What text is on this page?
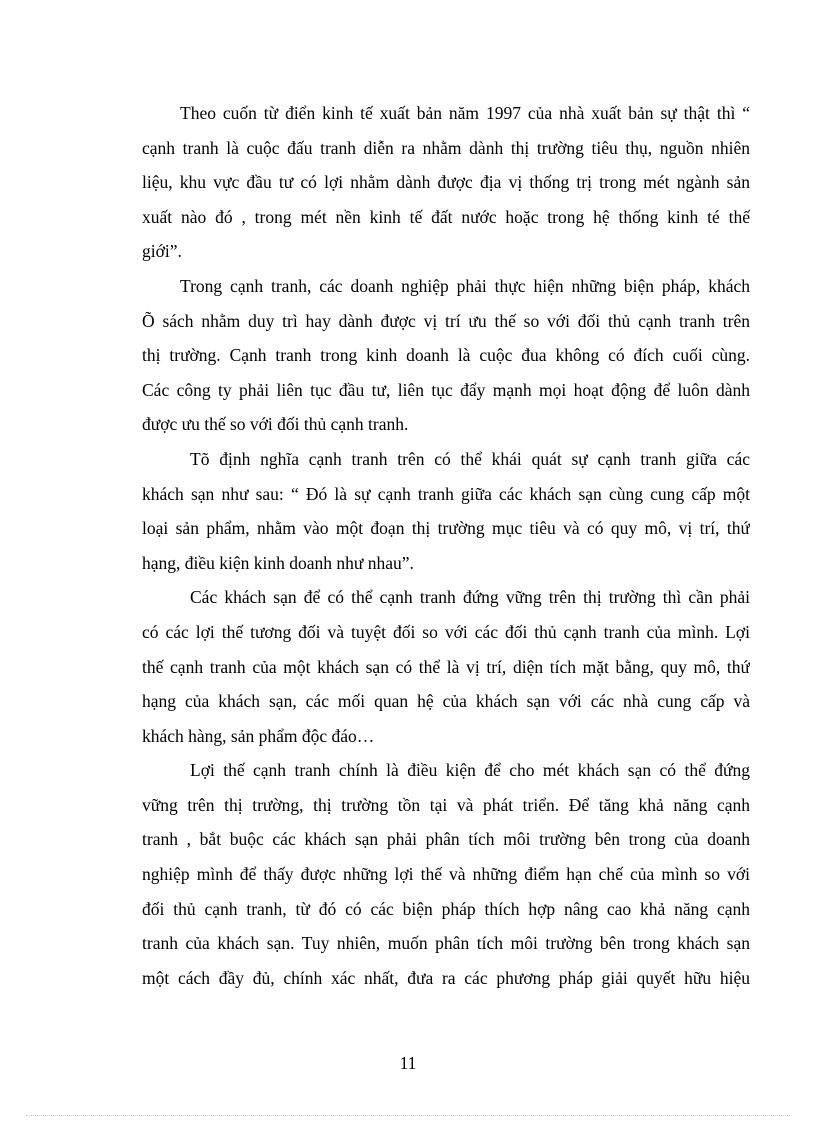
Theo cuốn từ điển kinh tế xuất bản năm 1997 của nhà xuất bản sự thật thì “
cạnh tranh là cuộc đấu tranh diễn ra nhằm dành thị trường tiêu thụ, nguồn nhiên
liệu, khu vực đầu tư có lợi nhằm dành được địa vị thống trị trong mét ngành sản
xuất nào đó , trong mét nền kinh tế đất nước hoặc trong hệ thống kinh té thế
giới”.

Trong cạnh tranh, các doanh nghiệp phải thực hiện những biện pháp, khách
Õ sách nhằm duy trì hay dành được vị trí ưu thế so với đối thủ cạnh tranh trên
thị trường. Cạnh tranh trong kinh doanh là cuộc đua không có đích cuối cùng.
Các công ty phải liên tục đầu tư, liên tục đẩy mạnh mọi hoạt động để luôn dành
được ưu thế so với đối thủ cạnh tranh.

Tõ định nghĩa cạnh tranh trên có thể khái quát sự cạnh tranh giữa các
khách sạn như sau: “ Đó là sự cạnh tranh giữa các khách sạn cùng cung cấp một
loại sản phẩm, nhằm vào một đoạn thị trường mục tiêu và có quy mô, vị trí, thứ
hạng, điều kiện kinh doanh như nhau”.

Các khách sạn để có thể cạnh tranh đứng vững trên thị trường thì cần phải
có các lợi thế tương đối và tuyệt đối so với các đối thủ cạnh tranh của mình. Lợi
thế cạnh tranh của một khách sạn có thể là vị trí, diện tích mặt bằng, quy mô, thứ
hạng của khách sạn, các mối quan hệ của khách sạn với các nhà cung cấp và
khách hàng, sản phẩm độc đáo…

Lợi thế cạnh tranh chính là điều kiện để cho mét khách sạn có thể đứng
vững trên thị trường, thị trường tồn tại và phát triển. Để tăng khả năng cạnh
tranh , bắt buộc các khách sạn phải phân tích môi trường bên trong của doanh
nghiệp mình để thấy được những lợi thế và những điểm hạn chế của mình so với
đối thủ cạnh tranh, từ đó có các biện pháp thích hợp nâng cao khả năng cạnh
tranh của khách sạn. Tuy nhiên, muốn phân tích môi trường bên trong khách sạn
một cách đầy đủ, chính xác nhất, đưa ra các phương pháp giải quyết hữu hiệu

11
